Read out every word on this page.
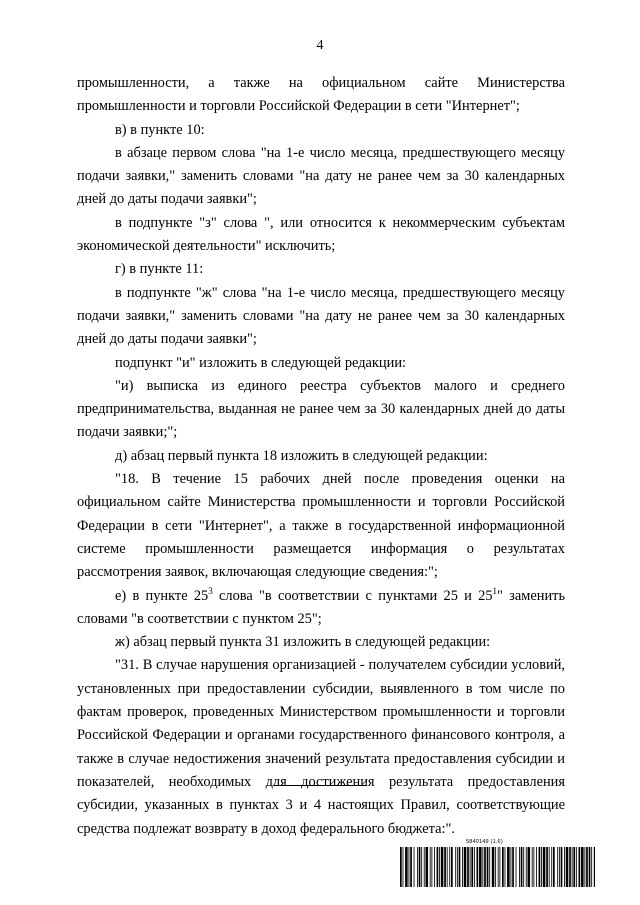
4

промышленности, а также на официальном сайте Министерства промышленности и торговли Российской Федерации в сети "Интернет";

в) в пункте 10:

в абзаце первом слова "на 1-е число месяца, предшествующего месяцу подачи заявки," заменить словами "на дату не ранее чем за 30 календарных дней до даты подачи заявки";

в подпункте "з" слова ", или относится к некоммерческим субъектам экономической деятельности" исключить;

г) в пункте 11:

в подпункте "ж" слова "на 1-е число месяца, предшествующего месяцу подачи заявки," заменить словами "на дату не ранее чем за 30 календарных дней до даты подачи заявки";

подпункт "и" изложить в следующей редакции:

"и) выписка из единого реестра субъектов малого и среднего предпринимательства, выданная не ранее чем за 30 календарных дней до даты подачи заявки;";

д) абзац первый пункта 18 изложить в следующей редакции:

"18. В течение 15 рабочих дней после проведения оценки на официальном сайте Министерства промышленности и торговли Российской Федерации в сети "Интернет", а также в государственной информационной системе промышленности размещается информация о результатах рассмотрения заявок, включающая следующие сведения:";

е) в пункте $25^3$ слова "в соответствии с пунктами 25 и $25^1$" заменить словами "в соответствии с пунктом 25";

ж) абзац первый пункта 31 изложить в следующей редакции:

"31. В случае нарушения организацией - получателем субсидии условий, установленных при предоставлении субсидии, выявленного в том числе по фактам проверок, проведенных Министерством промышленности и торговли Российской Федерации и органами государственного финансового контроля, а также в случае недостижения значений результата предоставления субсидии и показателей, необходимых для достижения результата предоставления субсидии, указанных в пунктах 3 и 4 настоящих Правил, соответствующие средства подлежат возврату в доход федерального бюджета:".

5840149 (1.6)
